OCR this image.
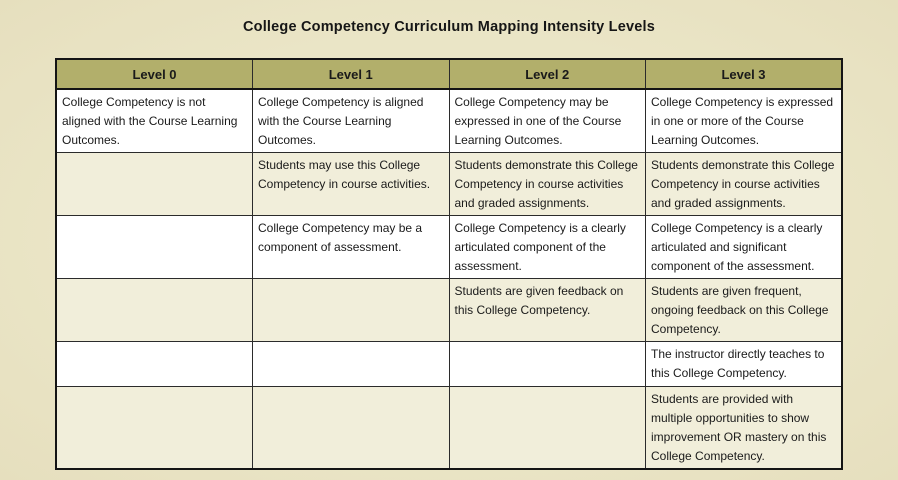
College Competency Curriculum Mapping Intensity Levels
Level 0	Level 1	Level 2	Level 3
College Competency is not aligned with the Course Learning Outcomes.	College Competency is aligned with the Course Learning Outcomes.	College Competency may be expressed in one of the Course Learning Outcomes.	College Competency is expressed in one or more of the Course Learning Outcomes.
	Students may use this College Competency in course activities.	Students demonstrate this College Competency in course activities and graded assignments.	Students demonstrate this College Competency in course activities and graded assignments.
	College Competency may be a component of assessment.	College Competency is a clearly articulated component of the assessment.	College Competency is a clearly articulated and significant component of the assessment.
		Students are given feedback on this College Competency.	Students are given frequent, ongoing feedback on this College Competency.
			The instructor directly teaches to this College Competency.
			Students are provided with multiple opportunities to show improvement OR mastery on this College Competency.
